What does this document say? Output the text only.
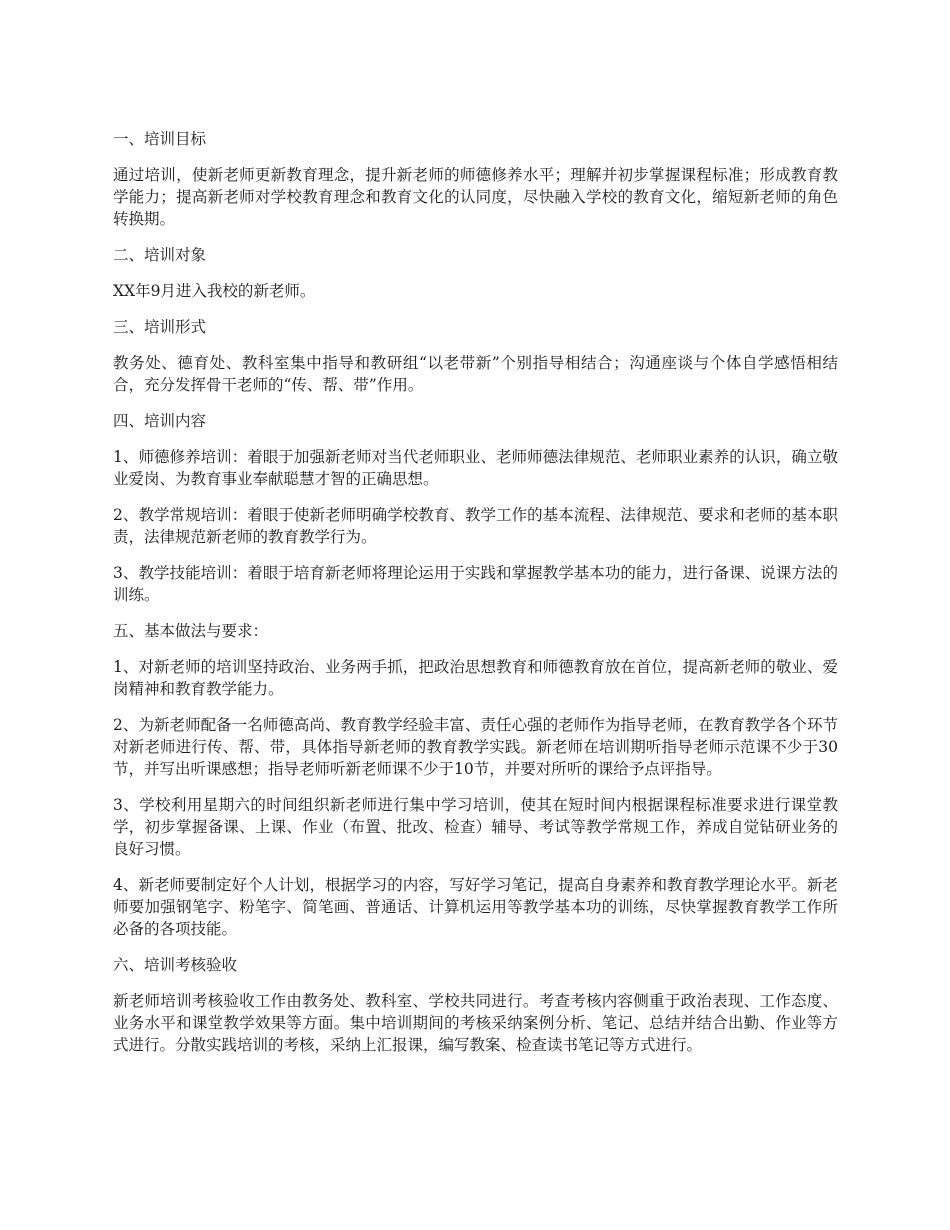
一、培训目标

通过培训，使新老师更新教育理念，提升新老师的师德修养水平；理解并初步掌握课程标准；形成教育教学能力；提高新老师对学校教育理念和教育文化的认同度，尽快融入学校的教育文化，缩短新老师的角色转换期。

二、培训对象

XX年9月进入我校的新老师。

三、培训形式

教务处、德育处、教科室集中指导和教研组“以老带新”个别指导相结合；沟通座谈与个体自学感悟相结合，充分发挥骨干老师的“传、帮、带”作用。

四、培训内容

1、师德修养培训：着眼于加强新老师对当代老师职业、老师师德法律规范、老师职业素养的认识，确立敬业爱岗、为教育事业奉献聪慧才智的正确思想。

2、教学常规培训：着眼于使新老师明确学校教育、教学工作的基本流程、法律规范、要求和老师的基本职责，法律规范新老师的教育教学行为。

3、教学技能培训：着眼于培育新老师将理论运用于实践和掌握教学基本功的能力，进行备课、说课方法的训练。

五、基本做法与要求：

1、对新老师的培训坚持政治、业务两手抓，把政治思想教育和师德教育放在首位，提高新老师的敬业、爱岗精神和教育教学能力。

2、为新老师配备一名师德高尚、教育教学经验丰富、责任心强的老师作为指导老师，在教育教学各个环节对新老师进行传、帮、带，具体指导新老师的教育教学实践。新老师在培训期听指导老师示范课不少于30节，并写出听课感想；指导老师听新老师课不少于10节，并要对所听的课给予点评指导。

3、学校利用星期六的时间组织新老师进行集中学习培训，使其在短时间内根据课程标准要求进行课堂教学，初步掌握备课、上课、作业（布置、批改、检查）辅导、考试等教学常规工作，养成自觉钻研业务的良好习惯。

4、新老师要制定好个人计划，根据学习的内容，写好学习笔记，提高自身素养和教育教学理论水平。新老师要加强钢笔字、粉笔字、简笔画、普通话、计算机运用等教学基本功的训练，尽快掌握教育教学工作所必备的各项技能。

六、培训考核验收

新老师培训考核验收工作由教务处、教科室、学校共同进行。考查考核内容侧重于政治表现、工作态度、业务水平和课堂教学效果等方面。集中培训期间的考核采纳案例分析、笔记、总结并结合出勤、作业等方式进行。分散实践培训的考核，采纳上汇报课，编写教案、检查读书笔记等方式进行。
